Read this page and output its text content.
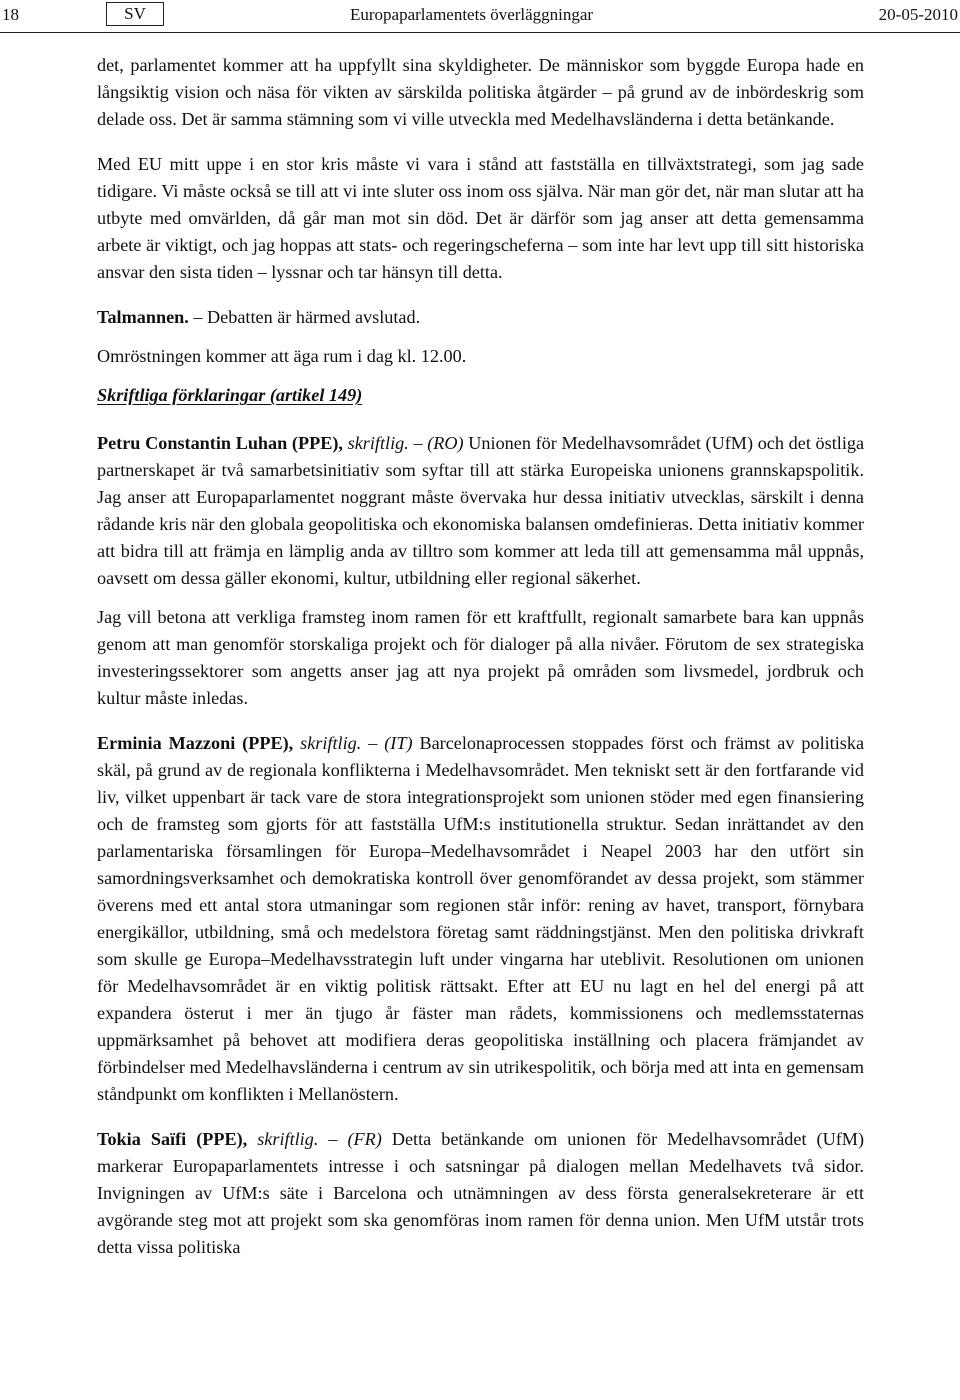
18	SV	Europaparlamentets överläggningar	20-05-2010

det, parlamentet kommer att ha uppfyllt sina skyldigheter. De människor som byggde Europa hade en långsiktig vision och näsa för vikten av särskilda politiska åtgärder – på grund av de inbördeskrig som delade oss. Det är samma stämning som vi ville utveckla med Medelhavsländerna i detta betänkande.

Med EU mitt uppe i en stor kris måste vi vara i stånd att fastställa en tillväxtstrategi, som jag sade tidigare. Vi måste också se till att vi inte sluter oss inom oss själva. När man gör det, när man slutar att ha utbyte med omvärlden, då går man mot sin död. Det är därför som jag anser att detta gemensamma arbete är viktigt, och jag hoppas att stats- och regeringscheferna – som inte har levt upp till sitt historiska ansvar den sista tiden – lyssnar och tar hänsyn till detta.

Talmannen. – Debatten är härmed avslutad.

Omröstningen kommer att äga rum i dag kl. 12.00.

Skriftliga förklaringar (artikel 149)

Petru Constantin Luhan (PPE), skriftlig. – (RO) Unionen för Medelhavsområdet (UfM) och det östliga partnerskapet är två samarbetsinitiativ som syftar till att stärka Europeiska unionens grannskapspolitik. Jag anser att Europaparlamentet noggrant måste övervaka hur dessa initiativ utvecklas, särskilt i denna rådande kris när den globala geopolitiska och ekonomiska balansen omdefinieras. Detta initiativ kommer att bidra till att främja en lämplig anda av tilltro som kommer att leda till att gemensamma mål uppnås, oavsett om dessa gäller ekonomi, kultur, utbildning eller regional säkerhet.

Jag vill betona att verkliga framsteg inom ramen för ett kraftfullt, regionalt samarbete bara kan uppnås genom att man genomför storskaliga projekt och för dialoger på alla nivåer. Förutom de sex strategiska investeringssektorer som angetts anser jag att nya projekt på områden som livsmedel, jordbruk och kultur måste inledas.

Erminia Mazzoni (PPE), skriftlig. – (IT) Barcelonaprocessen stoppades först och främst av politiska skäl, på grund av de regionala konflikterna i Medelhavsområdet. Men tekniskt sett är den fortfarande vid liv, vilket uppenbart är tack vare de stora integrationsprojekt som unionen stöder med egen finansiering och de framsteg som gjorts för att fastställa UfM:s institutionella struktur. Sedan inrättandet av den parlamentariska församlingen för Europa–Medelhavsområdet i Neapel 2003 har den utfört sin samordningsverksamhet och demokratiska kontroll över genomförandet av dessa projekt, som stämmer överens med ett antal stora utmaningar som regionen står inför: rening av havet, transport, förnybara energikällor, utbildning, små och medelstora företag samt räddningstjänst. Men den politiska drivkraft som skulle ge Europa–Medelhavsstrategin luft under vingarna har uteblivit. Resolutionen om unionen för Medelhavsområdet är en viktig politisk rättsakt. Efter att EU nu lagt en hel del energi på att expandera österut i mer än tjugo år fäster man rådets, kommissionens och medlemsstaternas uppmärksamhet på behovet att modifiera deras geopolitiska inställning och placera främjandet av förbindelser med Medelhavsländerna i centrum av sin utrikespolitik, och börja med att inta en gemensam ståndpunkt om konflikten i Mellanöstern.

Tokia Saïfi (PPE), skriftlig. – (FR) Detta betänkande om unionen för Medelhavsområdet (UfM) markerar Europaparlamentets intresse i och satsningar på dialogen mellan Medelhavets två sidor. Invigningen av UfM:s säte i Barcelona och utnämningen av dess första generalsekreterare är ett avgörande steg mot att projekt som ska genomföras inom ramen för denna union. Men UfM utstår trots detta vissa politiska
